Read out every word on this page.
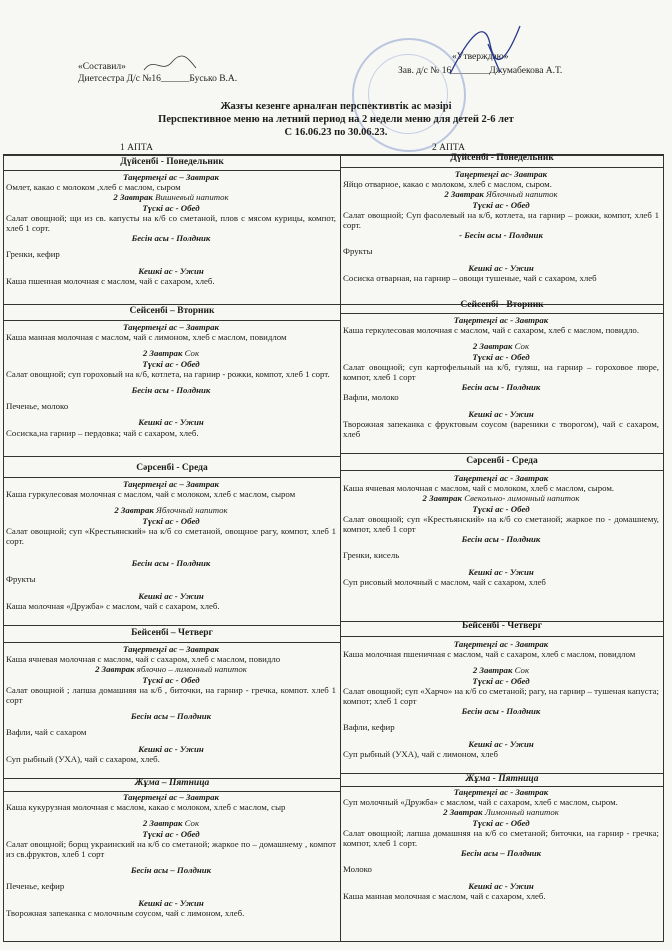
«Составил»
Диетсестра Д/с №16______Бусько В.А.
«Утверждаю»
Зав. д/с № 16________Джумабекова А.Т.
Жазғы кезенге арналған перспективтік ас мәзірі
Перспективное меню на летний период на 2 недели меню для детей 2-6 лет
С 16.06.23 по 30.06.23.
1 АПТА	2 АПТА
Дүйсенбі - Понедельник	Дүйсенбі - Понедельник
Сейсенбі – Вторник
Сейсенбі - Вторник
Сәрсенбі - Среда
Сәрсенбі - Среда
Бейсенбі – Четверг
Бейсенбі - Четверг
Жұма – Пятница	Жұма - Пятница

Таңертеңгі ас – Завтрак

Омлет, какао с молоком ,хлеб с маслом, сыром

2 Завтрак Вишневый напиток

Түскі ас - Обед

Салат овощной; щи из св. капусты на к/б со сметаной, плов с мясом курицы, компот, хлеб 1 сорт.

Бесін асы - Полдник

Гренки, кефир

Кешкі ас - Ужин

Каша пшенная молочная с маслом, чай с сахаром, хлеб.

Таңертеңгі ас – Завтрак

Каша манная молочная с маслом, чай с лимоном, хлеб с маслом, повидлом

2 Завтрак Сок

Түскі ас - Обед

Салат овощной; суп гороховый на к/б, котлета, на гарнир - рожки, компот, хлеб 1 сорт.

Бесін асы - Полдник

Печенье, молоко

Кешкі ас - Ужин

Сосиска,на гарнир – пердовка; чай с сахаром, хлеб.

Таңертеңгі ас – Завтрак

Каша гуркулесовая молочная с маслом, чай с молоком, хлеб с маслом, сыром

2 Завтрак Яблочный напиток

Түскі ас - Обед

Салат овощной; суп «Крестьянский» на к/б со сметаной, овощное рагу, компот, хлеб 1 сорт.

Бесін асы - Полдник

Фрукты

Кешкі ас - Ужин

Каша молочная «Дружба» с маслом, чай с сахаром, хлеб.

Таңертеңгі ас – Завтрак

Каша ячневая молочная с маслом, чай с сахаром, хлеб с маслом, повидло

2 Завтрак яблочно – лимонный напиток

Түскі ас - Обед

Салат овощной ; лапша домашняя на к/б , биточки, на гарнир - гречка, компот. хлеб 1 сорт

Бесін асы – Полдник

Вафли, чай с сахаром

Кешкі ас - Ужин

Суп рыбный (УХА), чай с сахаром, хлеб.

Таңертеңгі ас – Завтрак

Каша кукурузная молочная с маслом, какао с молоком, хлеб с маслом, сыр

2 Завтрак Сок

Түскі ас - Обед

Салат овощной; борщ украинский на к/б со сметаной; жаркое по – домашнему , компот из св.фруктов, хлеб 1 сорт

Бесін асы – Полдник

Печенье, кефир

Кешкі ас - Ужин

Творожная запеканка с молочным соусом, чай с лимоном, хлеб.

Таңертеңгі ас- Завтрак

Яйцо отварное, какао с молоком, хлеб с маслом, сыром.

2 Завтрак Яблочный напиток

Түскі ас - Обед

Салат овощной; Суп фасолевый на к/б, котлета, на гарнир – рожки, компот, хлеб 1 сорт.

- Бесін асы - Полдник

Фрукты

Кешкі ас - Ужин

Сосиска отварная, на гарнир – овощи тушеные, чай с сахаром, хлеб

Таңертеңгі ас - Завтрак

Каша геркулесовая молочная с маслом, чай с сахаром, хлеб с маслом, повидло.

2 Завтрак Сок

Түскі ас - Обед

Салат овощной; суп картофельный на к/б, гуляш, на гарнир – гороховое пюре, компот, хлеб 1 сорт

Бесін асы - Полдник

Вафли, молоко

Кешкі ас - Ужин

Творожная запеканка с фруктовым соусом (вареники с творогом), чай с сахаром, хлеб

Таңертеңгі ас - Завтрак

Каша ячневая молочная с маслом, чай с молоком, хлеб с маслом, сыром.

2 Завтрак Свекольно- лимонный напиток

Түскі ас - Обед

Салат овощной; суп «Крестьянский» на к/б со сметаной; жаркое по - домашнему, компот, хлеб 1 сорт

Бесін асы - Полдник

Гренки, кисель

Кешкі ас - Ужин

Суп рисовый молочный с маслом, чай с сахаром, хлеб

Таңертеңгі ас - Завтрак

Каша молочная пшеничная с маслом, чай с сахаром, хлеб с маслом, повидлом

2 Завтрак Сок

Түскі ас - Обед

Салат овощной; суп «Харчо» на к/б со сметаной; рагу, на гарнир – тушеная капуста; компот; хлеб 1 сорт

Бесін асы - Полдник

Вафли, кефир

Кешкі ас - Ужин

Суп рыбный (УХА), чай с лимоном, хлеб

Таңертеңгі ас - Завтрак

Суп молочный «Дружба» с маслом, чай с сахаром, хлеб с маслом, сыром.

2 Завтрак Лимонный напиток

Түскі ас - Обед

Салат овощной; лапша домашняя на к/б со сметаной; биточки, на гарнир - гречка; компот, хлеб 1 сорт.

Бесін асы – Полдник

Молоко

Кешкі ас - Ужин

Каша манная молочная с маслом, чай с сахаром, хлеб.
